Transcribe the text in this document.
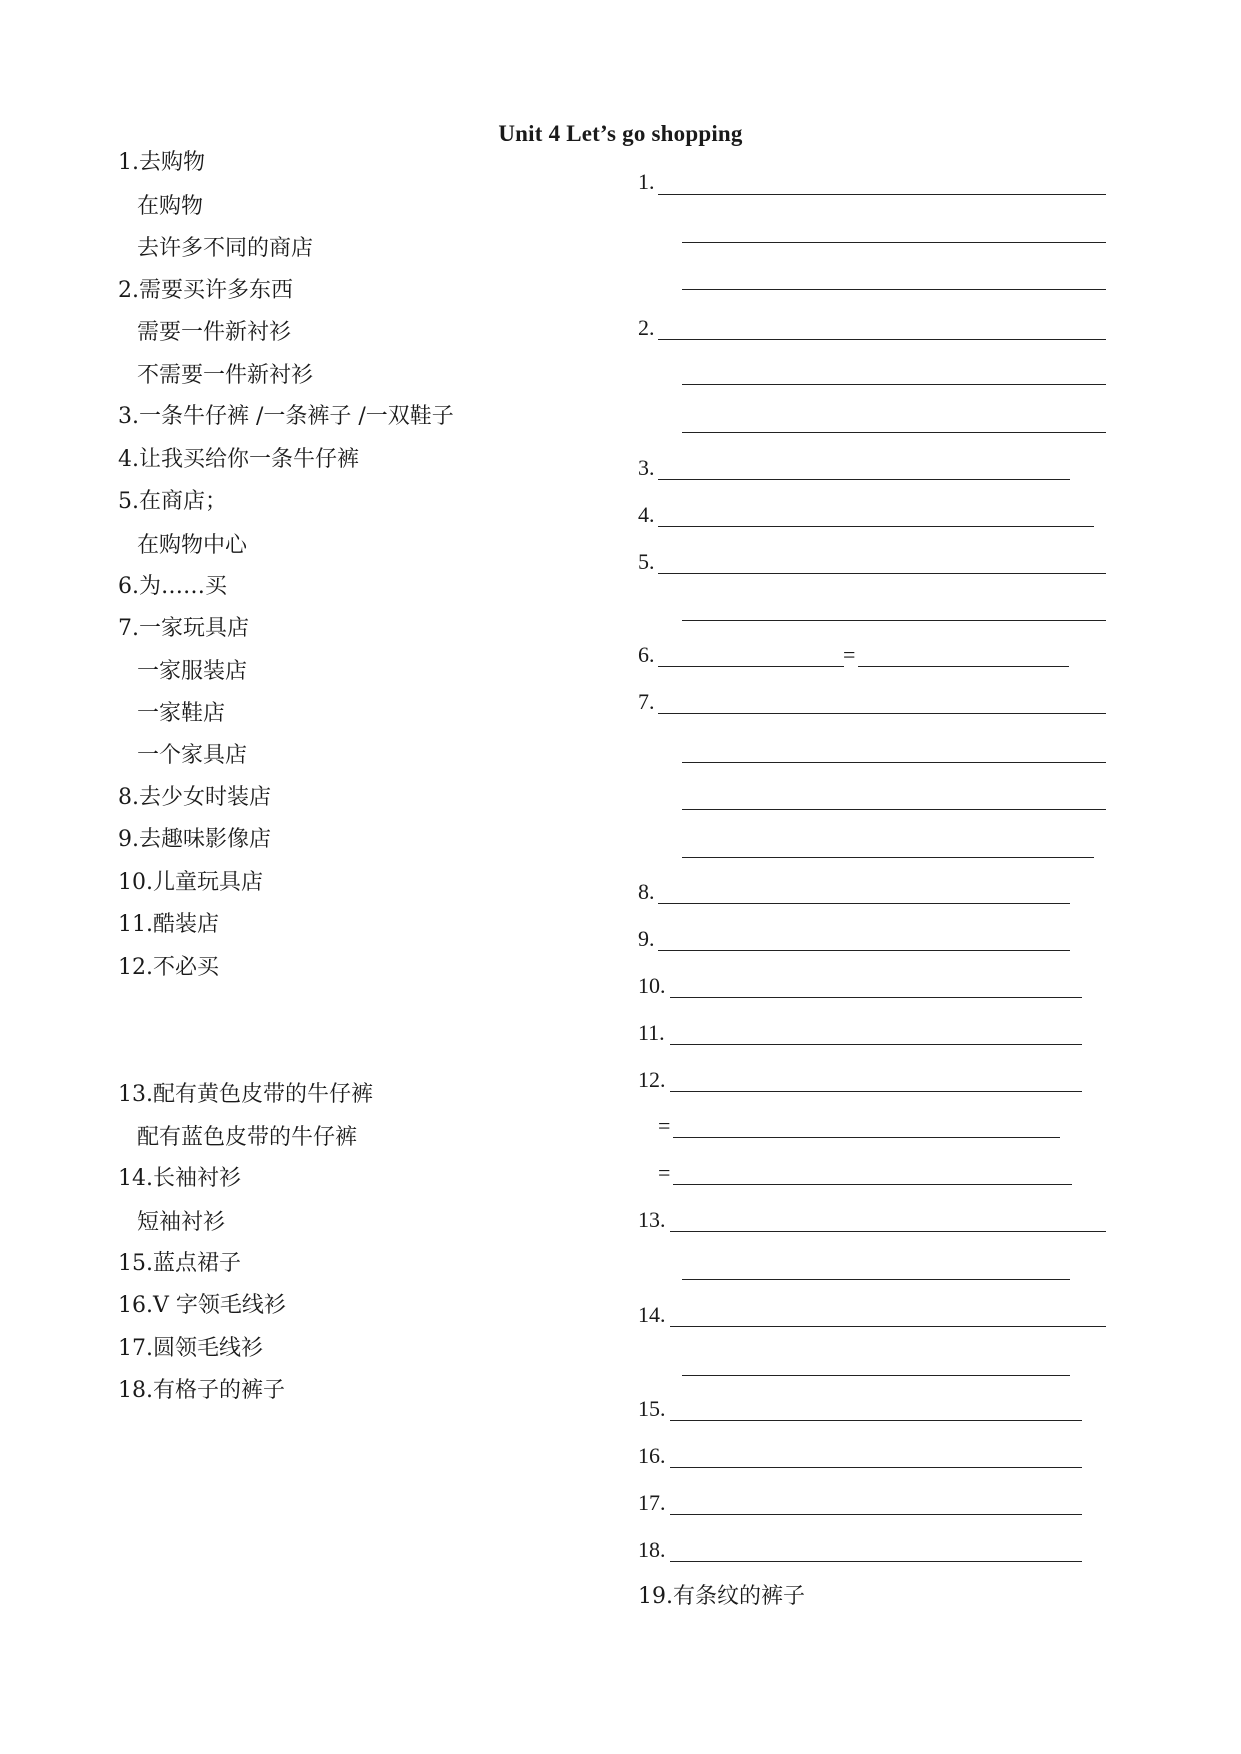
Unit 4 Let’s go shopping
1.去购物
在购物
去许多不同的商店
2.需要买许多东西
需要一件新衬衫
不需要一件新衬衫
3.一条牛仔裤 /一条裤子 /一双鞋子
4.让我买给你一条牛仔裤
5.在商店；
在购物中心
6.为……买
7.一家玩具店
一家服装店
一家鞋店
一个家具店
8.去少女时装店
9.去趣味影像店
10.儿童玩具店
11.酷装店
12.不必买
13.配有黄色皮带的牛仔裤
配有蓝色皮带的牛仔裤
14.长袖衬衫
短袖衬衫
15.蓝点裙子
16.V 字领毛线衫
17.圆领毛线衫
18.有格子的裤子
1.
2.
3.
4.
5.
6.	=
7.
8.
9.
10.
11.
12.
=
=
13.
14.
15.
16.
17.
18.
19.有条纹的裤子
